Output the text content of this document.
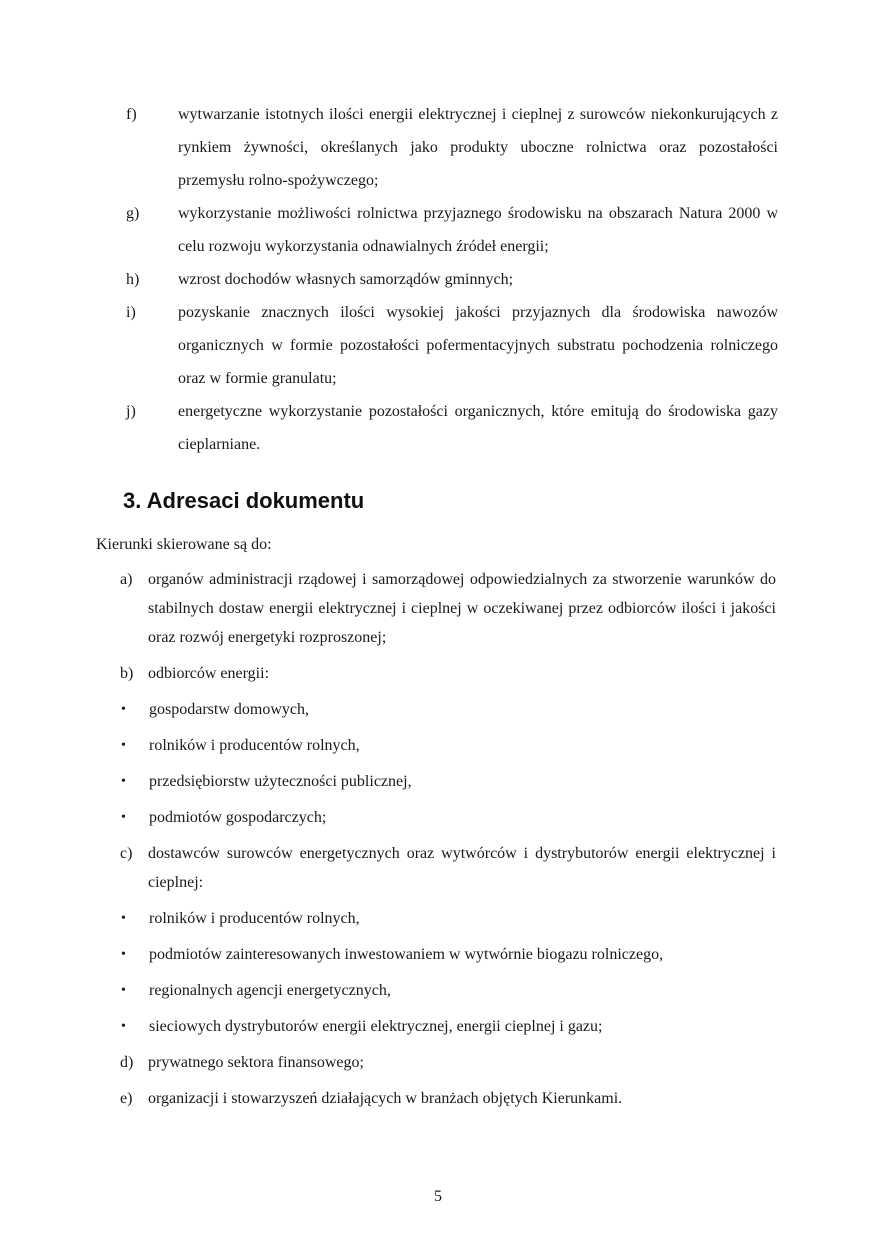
f)	wytwarzanie istotnych ilości energii elektrycznej i cieplnej z surowców niekonkurujących z rynkiem żywności, określanych jako produkty uboczne rolnictwa oraz pozostałości przemysłu rolno-spożywczego;
g)	wykorzystanie możliwości rolnictwa przyjaznego środowisku na obszarach Natura 2000 w celu rozwoju wykorzystania odnawialnych źródeł energii;
h)	wzrost dochodów własnych samorządów gminnych;
i)	pozyskanie znacznych ilości wysokiej jakości przyjaznych dla środowiska nawozów organicznych w formie pozostałości pofermentacyjnych substratu pochodzenia rolniczego oraz w formie granulatu;
j)	energetyczne wykorzystanie pozostałości organicznych, które emitują do środowiska gazy cieplarniane.
3. Adresaci dokumentu

Kierunki skierowane są do:

a) organów administracji rządowej i samorządowej odpowiedzialnych za stworzenie warunków do stabilnych dostaw energii elektrycznej i cieplnej w oczekiwanej przez odbiorców ilości i jakości oraz rozwój energetyki rozproszonej;
b) odbiorców energii:
•	gospodarstw domowych,
•	rolników i producentów rolnych,
•	przedsiębiorstw użyteczności publicznej,
•	podmiotów gospodarczych;
c) dostawców surowców energetycznych oraz wytwórców i dystrybutorów energii elektrycznej i cieplnej:
•	rolników i producentów rolnych,
•	podmiotów zainteresowanych inwestowaniem w wytwórnie biogazu rolniczego,
•	regionalnych agencji energetycznych,
•	sieciowych dystrybutorów energii elektrycznej, energii cieplnej i gazu;
d) prywatnego sektora finansowego;
e) organizacji i stowarzyszeń działających w branżach objętych Kierunkami.

5
